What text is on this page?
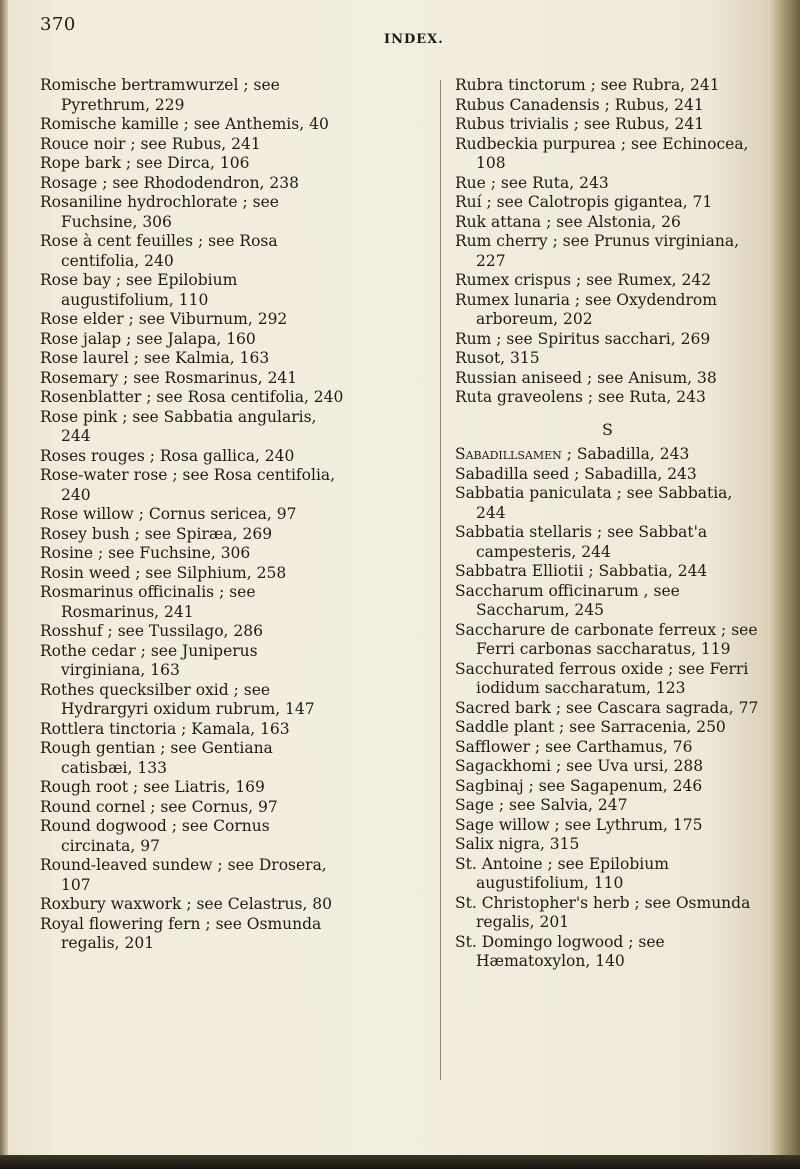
370
INDEX.
Romische bertramwurzel ; see Pyrethrum, 229
Romische kamille ; see Anthemis, 40
Rouce noir ; see Rubus, 241
Rope bark ; see Dirca, 106
Rosage ; see Rhododendron, 238
Rosaniline hydrochlorate ; see Fuchsine, 306
Rose à cent feuilles ; see Rosa centifolia, 240
Rose bay ; see Epilobium augustifolium, 110
Rose elder ; see Viburnum, 292
Rose jalap ; see Jalapa, 160
Rose laurel ; see Kalmia, 163
Rosemary ; see Rosmarinus, 241
Rosenblatter ; see Rosa centifolia, 240
Rose pink ; see Sabbatia angularis, 244
Roses rouges ; Rosa gallica, 240
Rose-water rose ; see Rosa centifolia, 240
Rose willow ; Cornus sericea, 97
Rosey bush ; see Spiræa, 269
Rosine ; see Fuchsine, 306
Rosin weed ; see Silphium, 258
Rosmarinus officinalis ; see Rosmarinus, 241
Rosshuf ; see Tussilago, 286
Rothe cedar ; see Juniperus virginiana, 163
Rothes quecksilber oxid ; see Hydrargyri oxidum rubrum, 147
Rottlera tinctoria ; Kamala, 163
Rough gentian ; see Gentiana catisbæi, 133
Rough root ; see Liatris, 169
Round cornel ; see Cornus, 97
Round dogwood ; see Cornus circinata, 97
Round-leaved sundew ; see Drosera, 107
Roxbury waxwork ; see Celastrus, 80
Royal flowering fern ; see Osmunda regalis, 201
Rubra tinctorum ; see Rubra, 241
Rubus Canadensis ; Rubus, 241
Rubus trivialis ; see Rubus, 241
Rudbeckia purpurea ; see Echinocea, 108
Rue ; see Ruta, 243
Ruí ; see Calotropis gigantea, 71
Ruk attana ; see Alstonia, 26
Rum cherry ; see Prunus virginiana, 227
Rumex crispus ; see Rumex, 242
Rumex lunaria ; see Oxydendrom arboreum, 202
Rum ; see Spiritus sacchari, 269
Rusot, 315
Russian aniseed ; see Anisum, 38
Ruta graveolens ; see Ruta, 243
S
Sabadillsamen ; Sabadilla, 243
Sabadilla seed ; Sabadilla, 243
Sabbatia paniculata ; see Sabbatia, 244
Sabbatia stellaris ; see Sabbat'a campesteris, 244
Sabbatra Elliotii ; Sabbatia, 244
Saccharum officinarum , see Saccharum, 245
Saccharure de carbonate ferreux ; see Ferri carbonas saccharatus, 119
Sacchurated ferrous oxide ; see Ferri iodidum saccharatum, 123
Sacred bark ; see Cascara sagrada, 77
Saddle plant ; see Sarracenia, 250
Safflower ; see Carthamus, 76
Sagackhomi ; see Uva ursi, 288
Sagbinaj ; see Sagapenum, 246
Sage ; see Salvia, 247
Sage willow ; see Lythrum, 175
Salix nigra, 315
St. Antoine ; see Epilobium augustifolium, 110
St. Christopher's herb ; see Osmunda regalis, 201
St. Domingo logwood ; see Hæmatoxylon, 140
